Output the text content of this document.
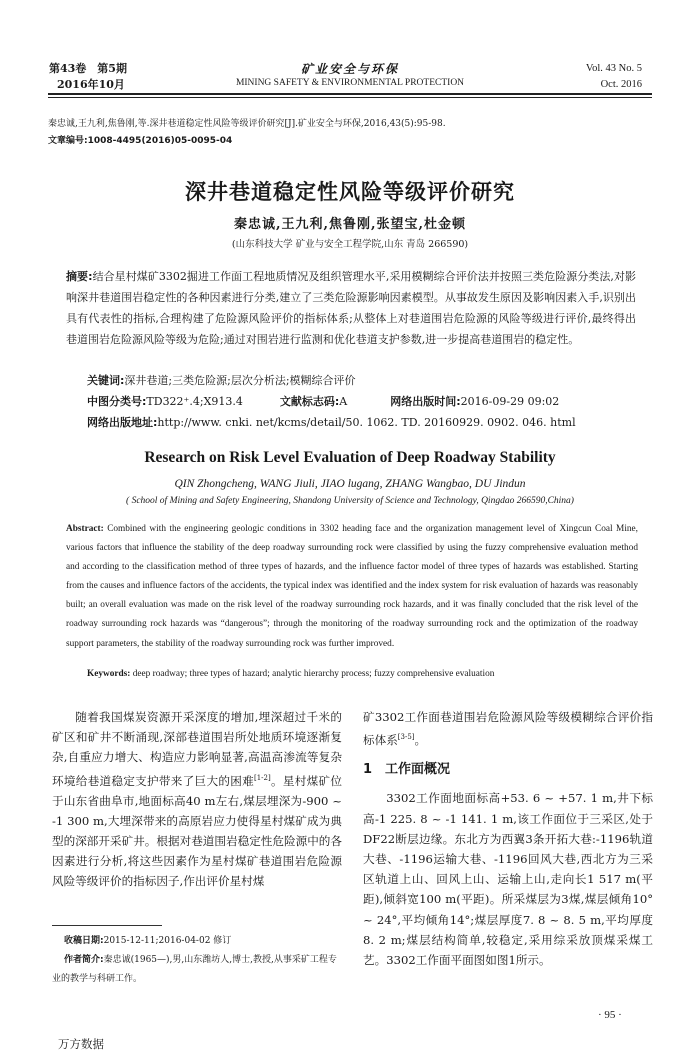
第43卷　第5期
2016年10月
矿业安全与环保
MINING SAFETY & ENVIRONMENTAL PROTECTION
Vol. 43 No. 5
Oct. 2016
秦忠诚,王九利,焦鲁刚,等.深井巷道稳定性风险等级评价研究[J].矿业安全与环保,2016,43(5):95-98.
文章编号:1008-4495(2016)05-0095-04
深井巷道稳定性风险等级评价研究
秦忠诚,王九利,焦鲁刚,张望宝,杜金顿
(山东科技大学 矿业与安全工程学院,山东 青岛 266590)
摘要:结合星村煤矿3302掘进工作面工程地质情况及组织管理水平,采用模糊综合评价法并按照三类危险源分类法,对影响深井巷道围岩稳定性的各种因素进行分类,建立了三类危险源影响因素模型。从事故发生原因及影响因素入手,识别出具有代表性的指标,合理构建了危险源风险评价的指标体系;从整体上对巷道围岩危险源的风险等级进行评价,最终得出巷道围岩危险源风险等级为危险;通过对围岩进行监测和优化巷道支护参数,进一步提高巷道围岩的稳定性。
关键词:深井巷道;三类危险源;层次分析法;模糊综合评价
中图分类号:TD322⁺.4;X913.4	文献标志码:A	网络出版时间:2016-09-29 09:02
网络出版地址:http://www. cnki. net/kcms/detail/50. 1062. TD. 20160929. 0902. 046. html
Research on Risk Level Evaluation of Deep Roadway Stability
QIN Zhongcheng, WANG Jiuli, JIAO lugang, ZHANG Wangbao, DU Jindun
( School of Mining and Safety Engineering, Shandong University of Science and Technology, Qingdao 266590,China)
Abstract: Combined with the engineering geologic conditions in 3302 heading face and the organization management level of Xingcun Coal Mine, various factors that influence the stability of the deep roadway surrounding rock were classified by using the fuzzy comprehensive evaluation method and according to the classification method of three types of hazards, and the influence factor model of three types of hazards was established. Starting from the causes and influence factors of the accidents, the typical index was identified and the index system for risk evaluation of hazards was reasonably built; an overall evaluation was made on the risk level of the roadway surrounding rock hazards, and it was finally concluded that the risk level of the roadway surrounding rock hazards was “dangerous”; through the monitoring of the roadway surrounding rock and the optimization of the roadway support parameters, the stability of the roadway surrounding rock was further improved.
Keywords: deep roadway; three types of hazard; analytic hierarchy process; fuzzy comprehensive evaluation
随着我国煤炭资源开采深度的增加,埋深超过千米的矿区和矿井不断涌现,深部巷道围岩所处地质环境逐渐复杂,自重应力增大、构造应力影响显著,高温高渗流等复杂环境给巷道稳定支护带来了巨大的困难[1-2]。星村煤矿位于山东省曲阜市,地面标高40 m左右,煤层埋深为-900 ~ -1 300 m,大埋深带来的高原岩应力使得星村煤矿成为典型的深部开采矿井。根据对巷道围岩稳定性危险源中的各因素进行分析,将这些因素作为星村煤矿巷道围岩危险源风险等级评价的指标因子,作出评价星村煤
矿3302工作面巷道围岩危险源风险等级模糊综合评价指标体系[3-5]。
1　工作面概况
3302工作面地面标高+53. 6 ~ +57. 1 m,井下标高-1 225. 8 ~ -1 141. 1 m,该工作面位于三采区,处于DF22断层边缘。东北方为西翼3条开拓大巷:-1196轨道大巷、-1196运输大巷、-1196回风大巷,西北方为三采区轨道上山、回风上山、运输上山,走向长1 517 m(平距),倾斜宽100 m(平距)。所采煤层为3煤,煤层倾角10° ~ 24°,平均倾角14°;煤层厚度7. 8 ~ 8. 5 m,平均厚度8. 2 m;煤层结构简单,较稳定,采用综采放顶煤采煤工艺。3302工作面平面图如图1所示。
收稿日期:2015-12-11;2016-04-02 修订
作者简介:秦忠诚(1965—),男,山东潍坊人,博士,教授,从事采矿工程专业的教学与科研工作。
· 95 ·
万方数据
